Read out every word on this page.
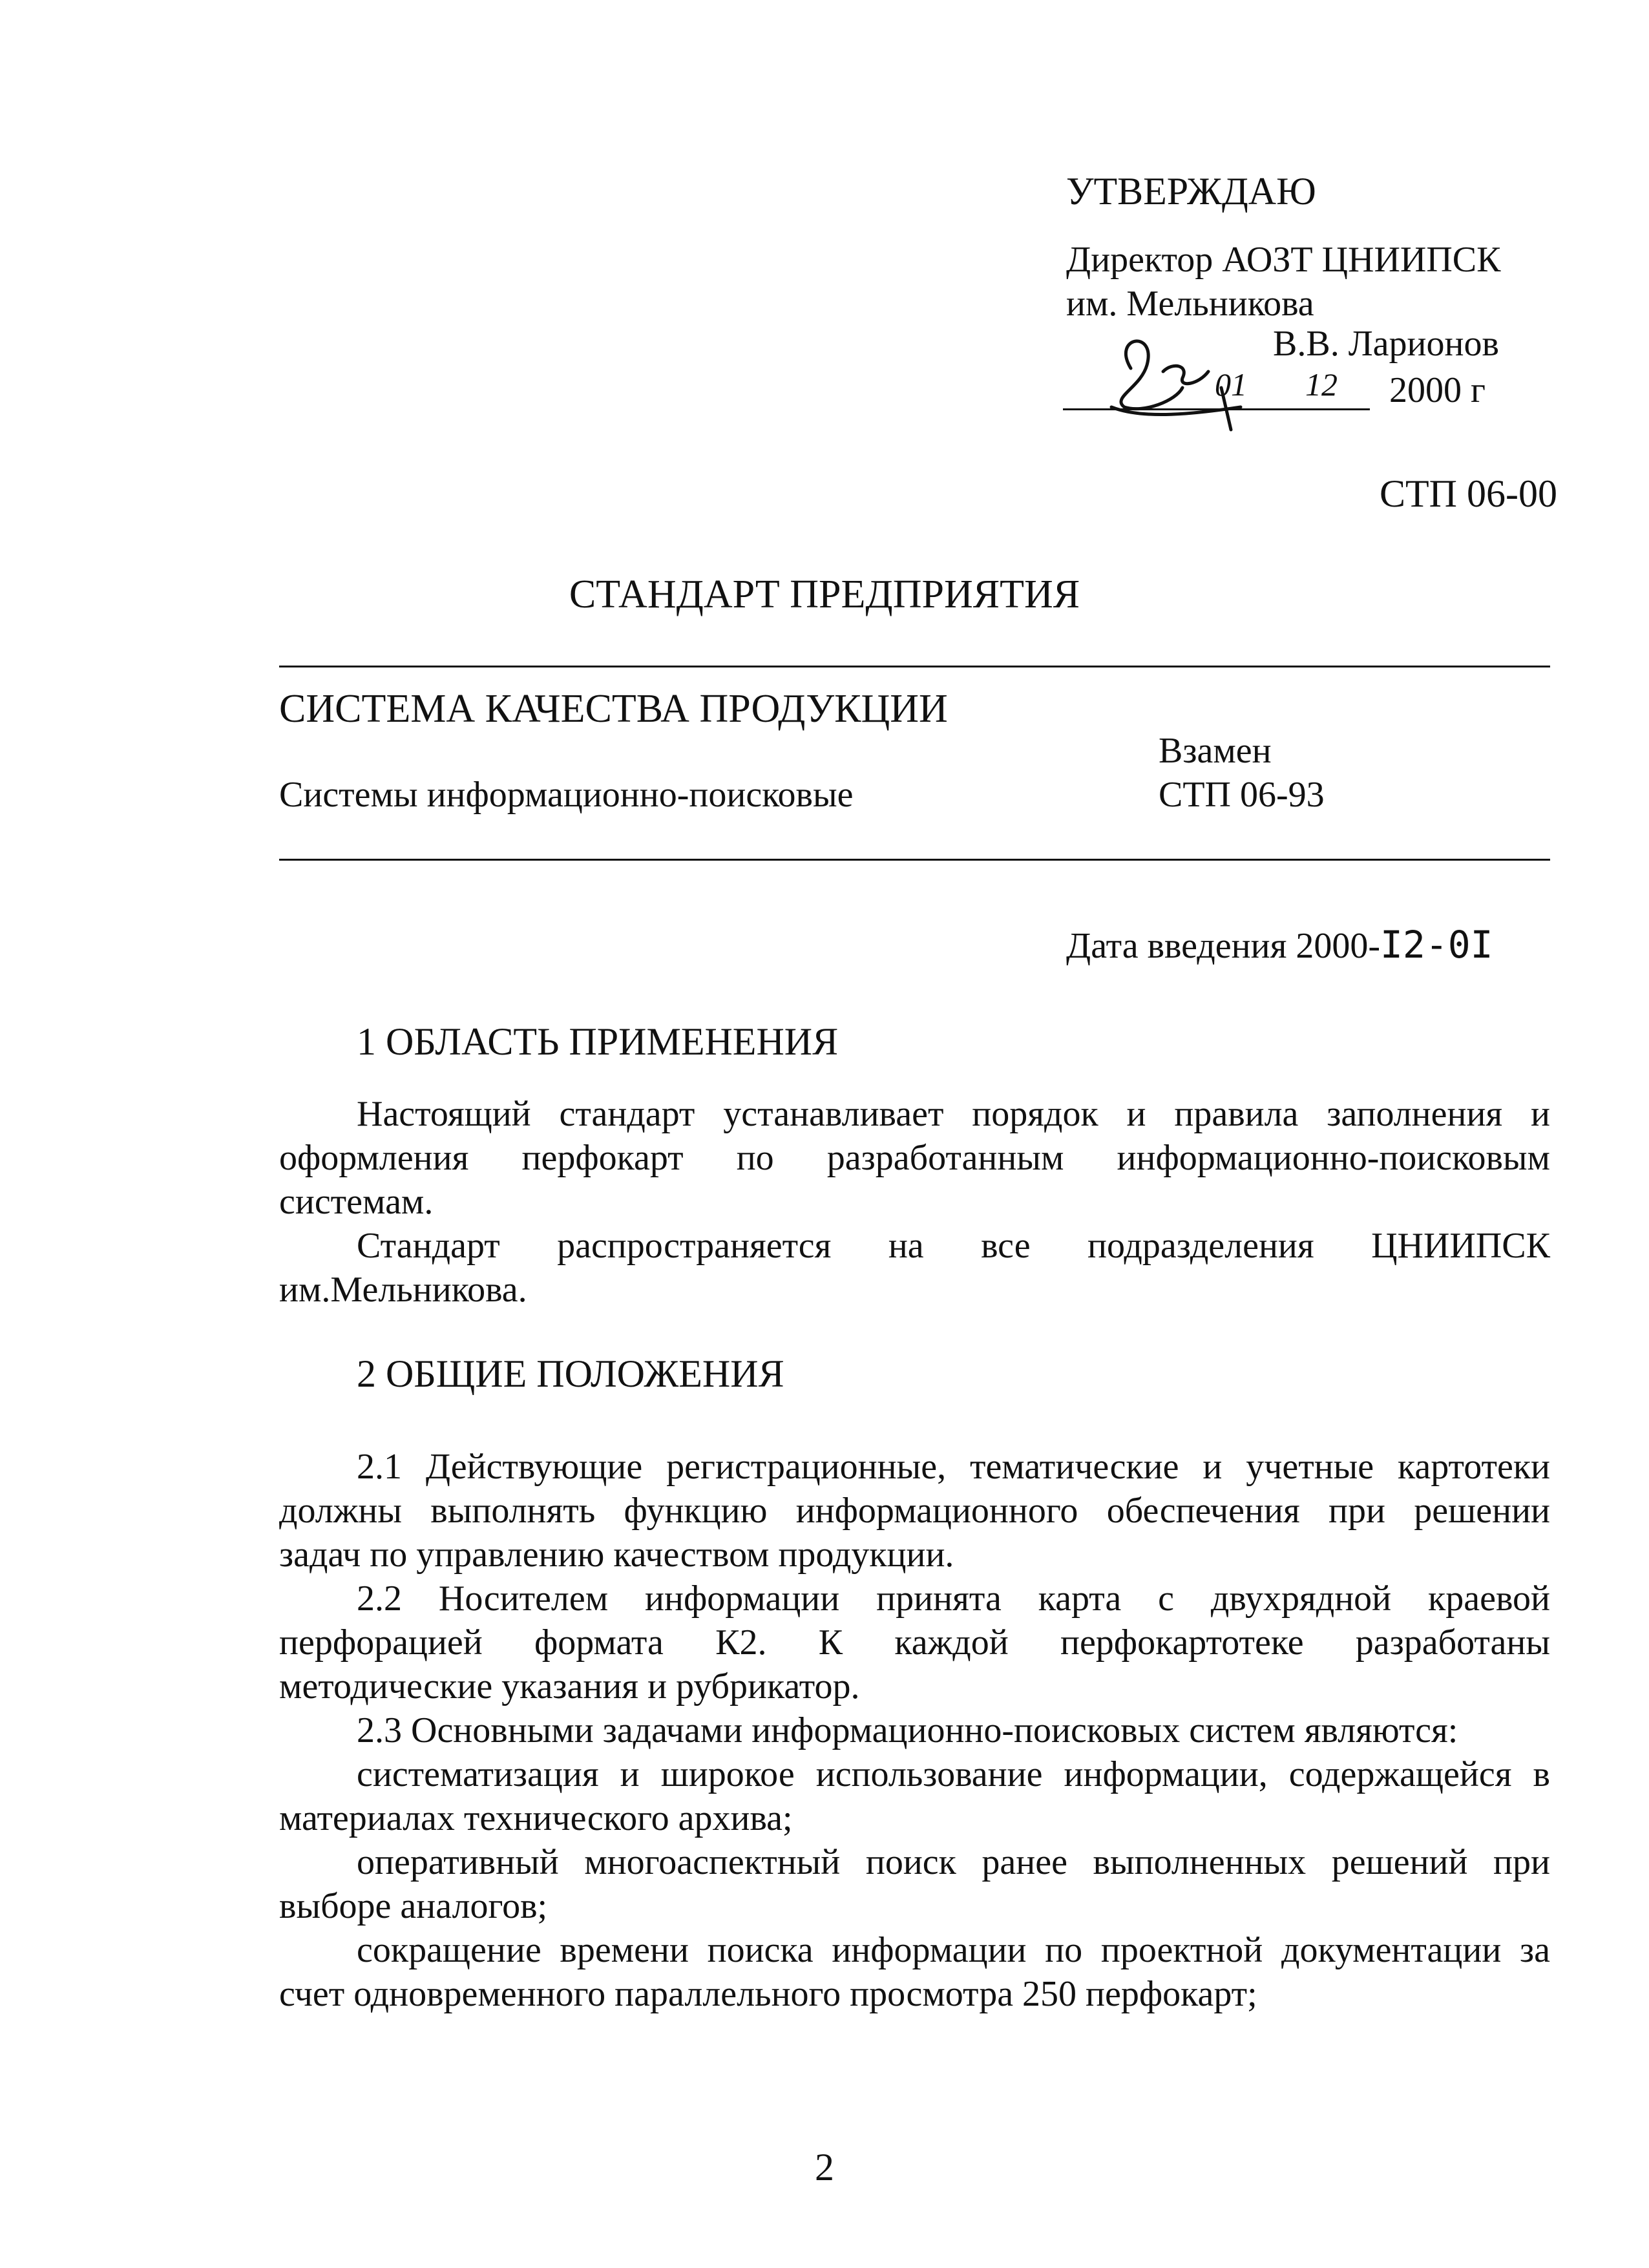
УТВЕРЖДАЮ
Директор АОЗТ ЦНИИПСК
им. Мельникова
В.В. Ларионов
01 12 2000 г
СТП 06-00
СТАНДАРТ ПРЕДПРИЯТИЯ
СИСТЕМА КАЧЕСТВА ПРОДУКЦИИ
Взамен
Системы информационно-поисковые	СТП 06-93
Дата введения 2000-I2-0I
1 ОБЛАСТЬ ПРИМЕНЕНИЯ
Настоящий стандарт устанавливает порядок и правила заполнения и
оформления перфокарт по разработанным информационно-поисковым
системам.
Стандарт распространяется на все подразделения ЦНИИПСК
им.Мельникова.
2 ОБЩИЕ ПОЛОЖЕНИЯ
2.1 Действующие регистрационные, тематические и учетные картотеки
должны выполнять функцию информационного обеспечения при решении
задач по управлению качеством продукции.
2.2 Носителем информации принята карта с двухрядной краевой
перфорацией формата К2. К каждой перфокартотеке разработаны
методические указания и рубрикатор.
2.3 Основными задачами информационно-поисковых систем являются:
систематизация и широкое использование информации, содержащейся в
материалах технического архива;
оперативный многоаспектный поиск ранее выполненных решений при
выборе аналогов;
сокращение времени поиска информации по проектной документации за
счет одновременного параллельного просмотра 250 перфокарт;
2
